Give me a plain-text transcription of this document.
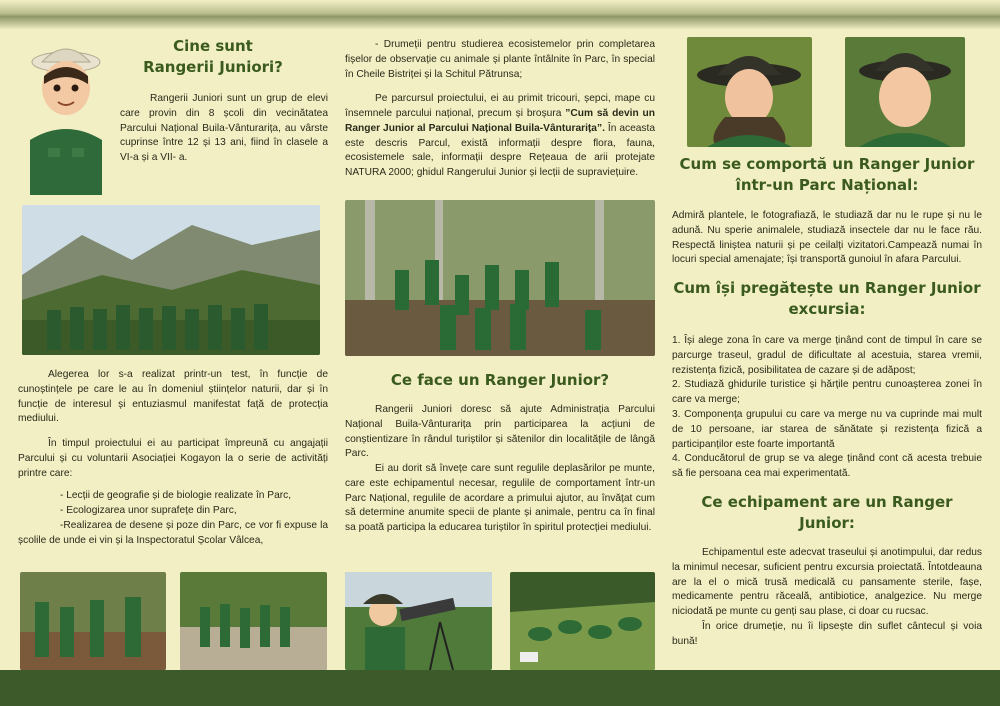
Cine sunt
Rangerii Juniori?

Rangerii Juniori sunt un grup de elevi care provin din 8 școli din vecinătatea Parcului Național Buila-Vânturarița, au vârste cuprinse între 12 și 13 ani, fiind în clasele a VI-a și a VII- a.

Alegerea lor s-a realizat printr-un test, în funcție de cunoștințele pe care le au în domeniul științelor naturii, dar și în funcție de interesul și entuziasmul manifestat față de protecția mediului.

În timpul proiectului ei au participat împreună cu angajații Parcului și cu voluntarii Asociației Kogayon la o serie de activități printre care:

- Lecții de geografie și de biologie realizate în Parc,
- Ecologizarea unor suprafețe din Parc,
-Realizarea de desene și poze din Parc, ce vor fi expuse la școlile de unde ei vin și la Inspectoratul Școlar Vâlcea,

- Drumeții pentru studierea ecosistemelor prin completarea fișelor de observație cu animale și plante întâlnite în Parc, în special în Cheile Bistriței și la Schitul Pătrunsa;

Pe parcursul proiectului, ei au primit tricouri, șepci, mape cu însemnele parcului național, precum și broșura ”Cum să devin un Ranger Junior al Parcului Național Buila-Vânturarița”. În aceasta este descris Parcul, există informații despre flora, fauna, ecosistemele sale, informații despre Rețeaua de arii protejate NATURA 2000; ghidul Rangerului Junior și lecții de supraviețuire.

Ce face un Ranger Junior?

Rangerii Juniori doresc să ajute Administrația Parcului Național Buila-Vânturarița prin participarea la acțiuni de conștientizare în rândul turiștilor și sătenilor din localitățile de lângă Parc.

Ei au dorit să învețe care sunt regulile deplasărilor pe munte, care este echipamentul necesar, regulile de comportament într-un Parc Național, regulile de acordare a primului ajutor, au învățat cum să determine anumite specii de plante și animale, pentru ca în final sa poată participa la educarea turiștilor în spiritul protecției mediului.

Cum se comportă un Ranger Junior
într-un Parc Național:

Admiră plantele, le fotografiază, le studiază dar nu le rupe și nu le adună. Nu sperie animalele, studiază insectele dar nu le face rău. Respectă liniștea naturii și pe ceilalți vizitatori.Campează numai în locuri special amenajate; își transportă gunoiul în afara Parcului.

Cum își pregătește un Ranger Junior
excursia:
1. Își alege zona în care va merge ținând cont de timpul în care se parcurge traseul, gradul de dificultate al acestuia, starea vremii, rezistența fizică, posibilitatea de cazare și de adăpost;
2. Studiază ghidurile turistice și hărțile pentru cunoașterea zonei în care va merge;
3. Componența grupului cu care va merge nu va cuprinde mai mult de 10 persoane, iar starea de sănătate și rezistența fizică a participanților este foarte importantă
4. Conducătorul de grup se va alege ținând cont că acesta trebuie să fie persoana cea mai experimentată.
Ce echipament are un Ranger Junior:

Echipamentul este adecvat traseului și anotimpului, dar redus la minimul necesar, suficient pentru excursia proiectată. Întotdeauna are la el o mică trusă medicală cu pansamente sterile, fașe, medicamente pentru răceală, antibiotice, analgezice. Nu merge niciodată pe munte cu genți sau plase, ci doar cu rucsac.

În orice drumeție, nu îi lipsește din suflet cântecul și voia bună!
